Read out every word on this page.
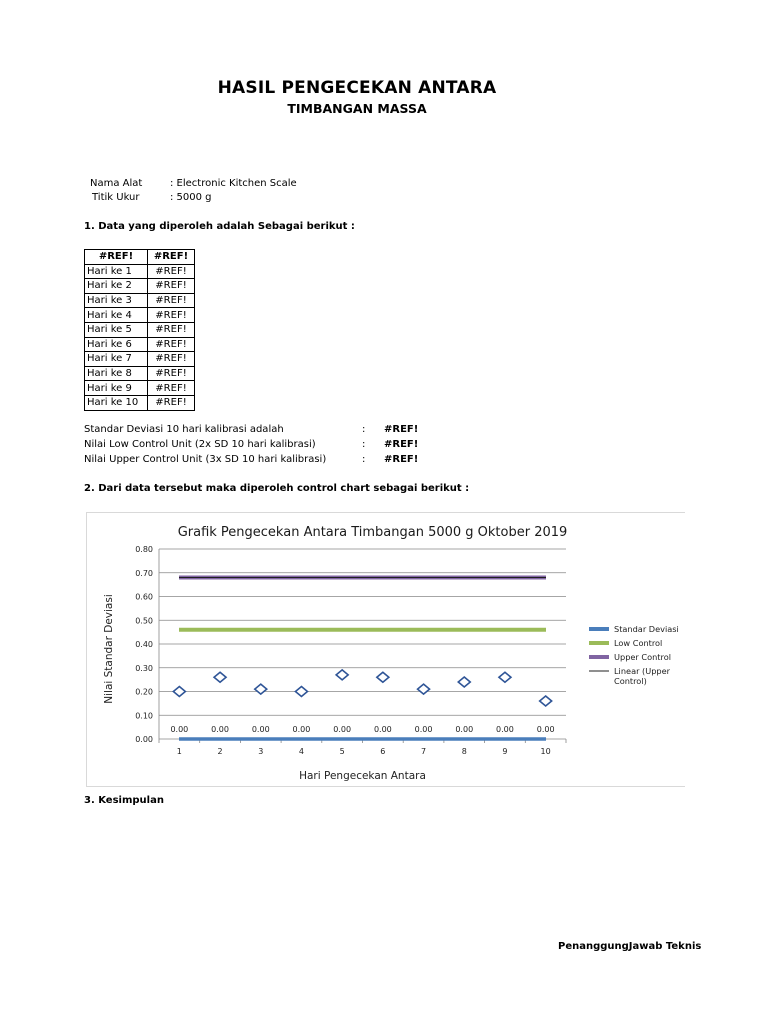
HASIL PENGECEKAN ANTARA
TIMBANGAN MASSA
Nama Alat	: Electronic Kitchen Scale
Titik Ukur	: 5000 g
1. Data yang diperoleh adalah Sebagai berikut :
#REF!	#REF!
Hari ke 1	#REF!
Hari ke 2	#REF!
Hari ke 3	#REF!
Hari ke 4	#REF!
Hari ke 5	#REF!
Hari ke 6	#REF!
Hari ke 7	#REF!
Hari ke 8	#REF!
Hari ke 9	#REF!
Hari ke 10	#REF!
Standar Deviasi 10 hari kalibrasi adalah	: #REF!
Nilai Low Control Unit (2x SD 10 hari kalibrasi)	: #REF!
Nilai Upper Control Unit (3x SD 10 hari kalibrasi)	: #REF!
2. Dari data tersebut maka diperoleh control chart sebagai berikut :
Grafik Pengecekan Antara Timbangan 5000 g Oktober 2019
0.00
0.10
0.20
0.30
0.40
0.50
0.60
0.70
0.80
1	2	3	4	5	6	7	8	9	10
0.00	0.00	0.00	0.00	0.00	0.00	0.00	0.00	0.00	0.00
Hari Pengecekan Antara
Nilai Standar Deviasi	Standar Deviasi
Low Control
Upper Control
Linear (Upper Control)
3. Kesimpulan
PenanggungJawab Teknis
